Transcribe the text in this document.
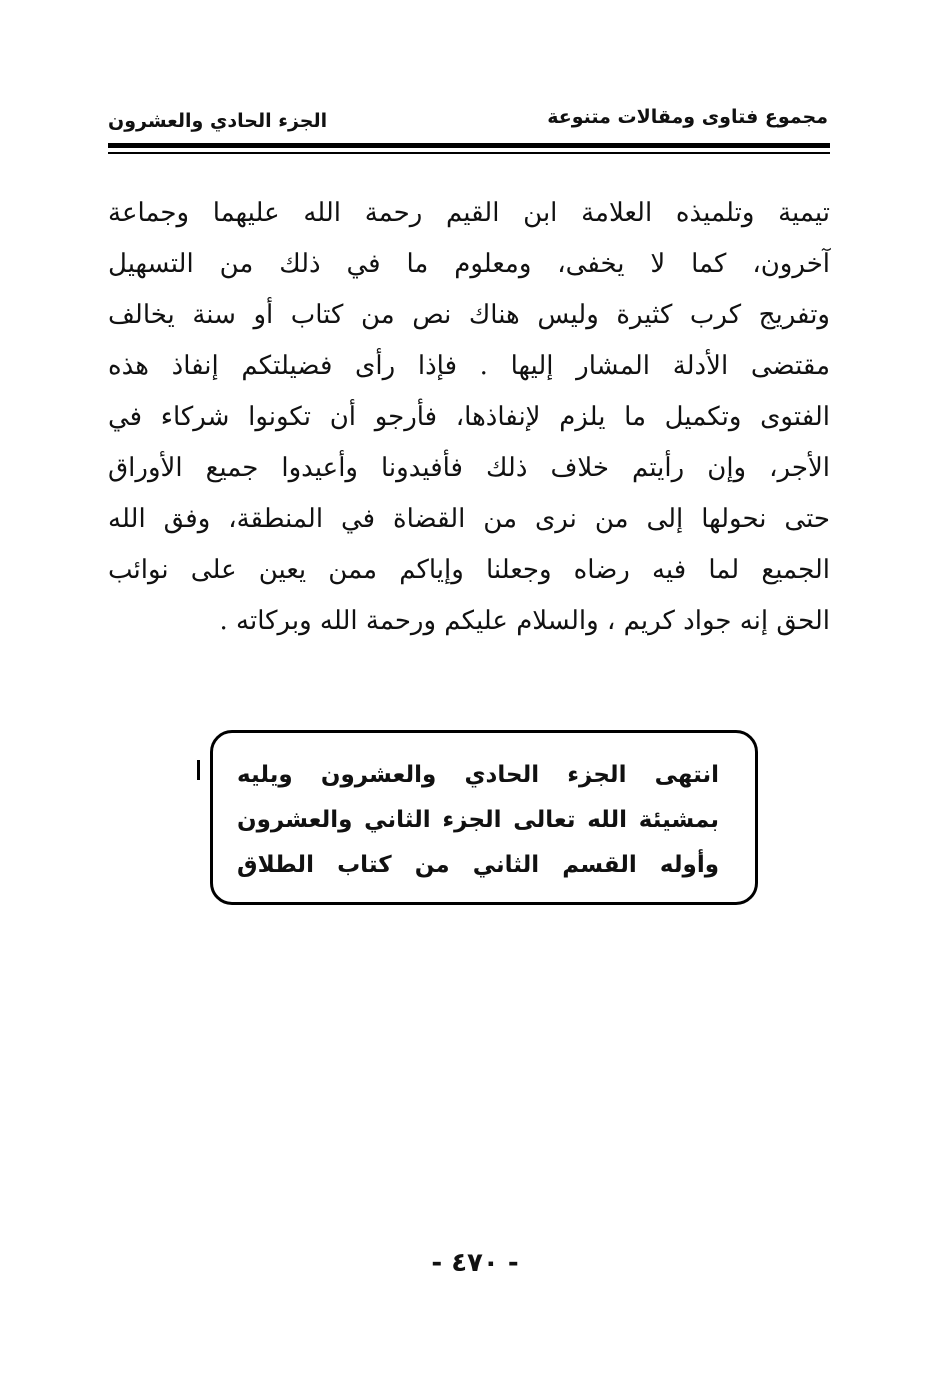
مجموع فتاوى ومقالات متنوعة
الجزء الحادي والعشرون
تيمية وتلميذه العلامة ابن القيم رحمة الله عليهما وجماعة
آخرون، كما لا يخفى، ومعلوم ما في ذلك من التسهيل
وتفريج كرب كثيرة وليس هناك نص من كتاب أو سنة يخالف
مقتضى الأدلة المشار إليها . فإذا رأى فضيلتكم إنفاذ هذه
الفتوى وتكميل ما يلزم لإنفاذها، فأرجو أن تكونوا شركاء في
الأجر، وإن رأيتم خلاف ذلك فأفيدونا وأعيدوا جميع الأوراق
حتى نحولها إلى من نرى من القضاة في المنطقة، وفق الله
الجميع لما فيه رضاه وجعلنا وإياكم ممن يعين على نوائب
الحق إنه جواد كريم ، والسلام عليكم ورحمة الله وبركاته .
انتهى الجزء الحادي والعشرون ويليه
بمشيئة الله تعالى الجزء الثاني والعشرون
وأوله القسم الثاني من كتاب الطلاق
- ٤٧٠ -
